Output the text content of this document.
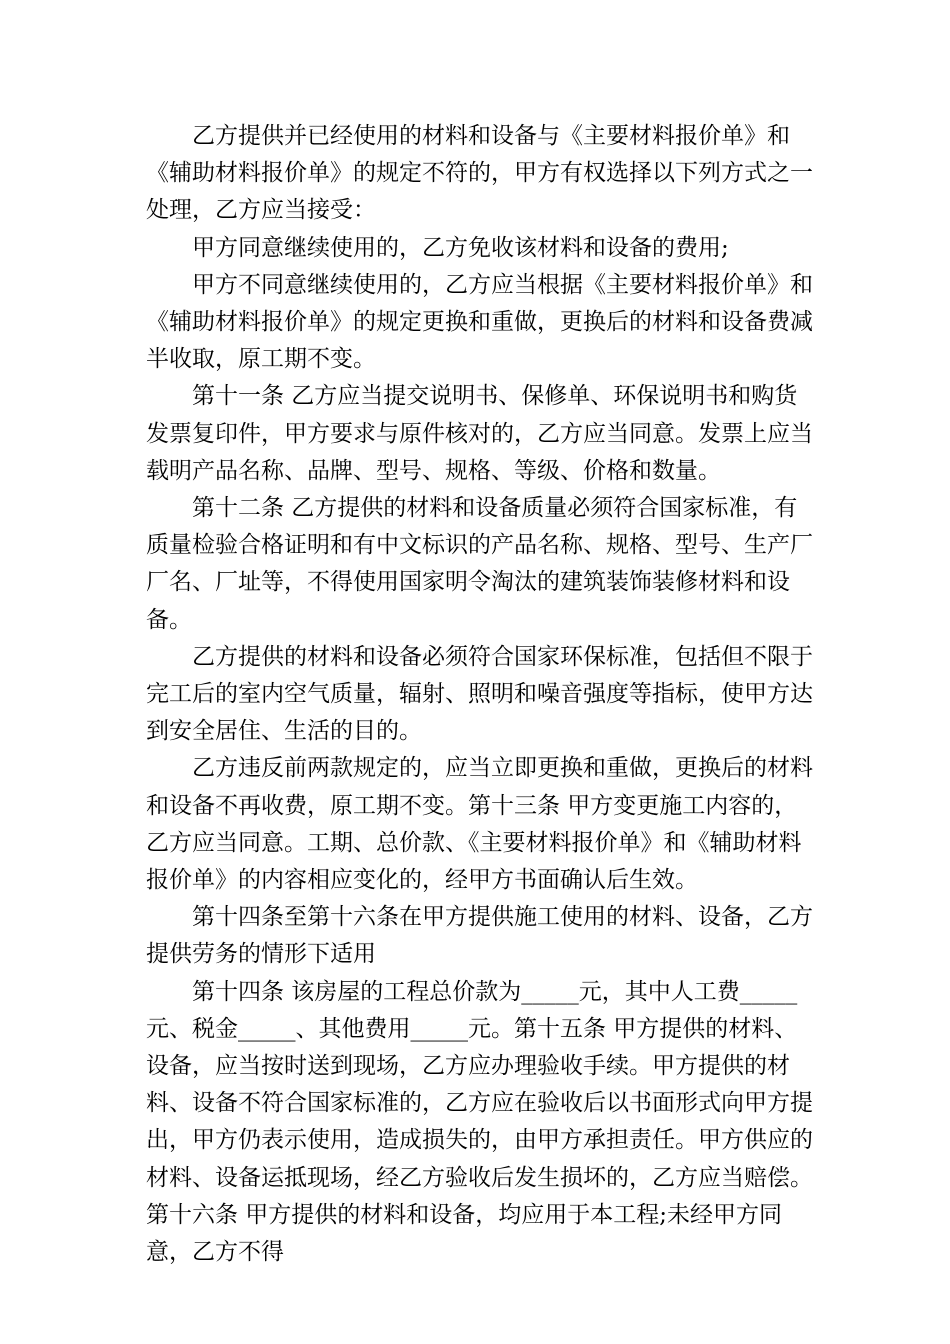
乙方提供并已经使用的材料和设备与《主要材料报价单》和《辅助材料报价单》的规定不符的，甲方有权选择以下列方式之一处理，乙方应当接受：

甲方同意继续使用的，乙方免收该材料和设备的费用;

甲方不同意继续使用的，乙方应当根据《主要材料报价单》和《辅助材料报价单》的规定更换和重做，更换后的材料和设备费减半收取，原工期不变。

第十一条 乙方应当提交说明书、保修单、环保说明书和购货发票复印件，甲方要求与原件核对的，乙方应当同意。发票上应当载明产品名称、品牌、型号、规格、等级、价格和数量。

第十二条 乙方提供的材料和设备质量必须符合国家标准，有质量检验合格证明和有中文标识的产品名称、规格、型号、生产厂厂名、厂址等，不得使用国家明令淘汰的建筑装饰装修材料和设备。

乙方提供的材料和设备必须符合国家环保标准，包括但不限于完工后的室内空气质量，辐射、照明和噪音强度等指标，使甲方达到安全居住、生活的目的。

乙方违反前两款规定的，应当立即更换和重做，更换后的材料和设备不再收费，原工期不变。第十三条 甲方变更施工内容的，乙方应当同意。工期、总价款、《主要材料报价单》和《辅助材料报价单》的内容相应变化的，经甲方书面确认后生效。

第十四条至第十六条在甲方提供施工使用的材料、设备，乙方提供劳务的情形下适用

第十四条 该房屋的工程总价款为_____元，其中人工费_____元、税金_____、其他费用_____元。第十五条 甲方提供的材料、设备，应当按时送到现场，乙方应办理验收手续。甲方提供的材料、设备不符合国家标准的，乙方应在验收后以书面形式向甲方提出，甲方仍表示使用，造成损失的，由甲方承担责任。甲方供应的材料、设备运抵现场，经乙方验收后发生损坏的，乙方应当赔偿。第十六条 甲方提供的材料和设备，均应用于本工程;未经甲方同意，乙方不得
